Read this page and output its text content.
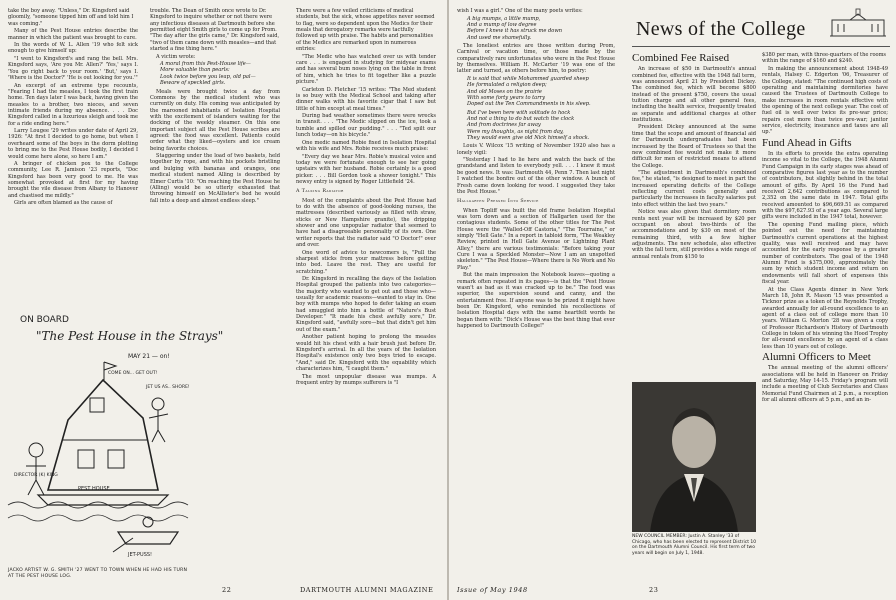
take the boy away. "Unless," Dr. Kingsford said gloomily, "someone tipped him off and told him I was coming."

Many of the Pest House entries describe the manner in which the patient was brought to cure.

In the words of W. L. Allen '19 who felt sick enough to give himself up:

"I went to Kingsford's and rang the bell. Mrs. Kingsford says, 'Are you Mr. Allen?' 'Yes,' says I. 'You go right back to your room.' 'But,' says I. 'Where is the Doctor?' 'He is out looking for you.'"

An excerpt of an extreme type recounts, "Fearing I had the measles, I took the first train home. Ten days later I was back, having given the measles to a brother, two nieces, and seven intimate friends during my absence. . . . Doc Kingsford called in a luxurious sleigh and took me for a ride ending here."

Larry Lougee '29 writes under date of April 29, 1926: "At first I decided to go home, but when I overheard some of the boys in the dorm plotting to bring me to the Pest House bodily, I decided I would come here alone, so here I am."

A bringer of chicken pox to the College community, Lee R. Jamison '23 reports, "Doc Kingsford has been very good to me. He was somewhat provoked at first for my having brought the vile disease from Albany to Hanover and chastised me mildly."

Girls are often blamed as the cause of

trouble. The Dean of Smith once wrote to Dr. Kingsford to inquire whether or not there were any infectious diseases at Dartmouth before she permitted eight Smith girls to come up for Prom. "The day after the girls came," Dr. Kingsford said, "two of them came down with measles—and that started a fine thing here."

A victim wrote:

A moral from this Pest-House life—

More valuable than pearls:

Look twice before you leap, old pal—

Beware of speckled girls.

Meals were brought twice a day from Commons by the medical student who was currently on duty. His coming was anticipated by the marooned inhabitants of Isolation Hospital with the excitement of islanders waiting for the docking of the weekly steamer. On this one important subject all the Pest House scribes are agreed: the food was excellent. Patients could order what they liked—oysters and ice cream being favorite choices.

Staggering under the load of two baskets, held together by rope, and with his pockets bristling and bulging with bananas and oranges, one medical student named Alling is described by Elmer Curtis '10: "On reaching the Pest House he (Alling) would be so utterly exhausted that throwing himself on McAllister's bed he would fall into a deep and almost endless sleep."

There were a few veiled criticisms of medical students, but the sick, whose appetites never seemed to flag, were so dependent upon the Medics for their meals that derogatory remarks were tactfully followed up with praise. The habits and personalities of the Medics are remarked upon in numerous entries:

"The Medic who has watched over us with tender care . . . is engaged in studying for midyear exams and has several bum noses lying on the table in front of him, which he tries to fit together like a puzzle picture."

Carleton D. Fletcher '15 writes: "The Med student is so busy with the Medical School and taking after dinner walks with his favorite cigar that I saw but little of him except at meal times."

During bad weather sometimes there were wrecks in transit. . . . "The Medic slipped on the ice, took a tumble and spilled our pudding." . . . "Ted spilt our lunch today—on his bicycle."

One medic named Robie fixed in Isolation Hospital with his wife and Mrs. Robie receives much praise:

"Every day we hear Mrs. Robie's musical voice and today we were fortunate enough to see her going upstairs with her husband. Robie certainly is a good picker. . . . Bill Gordon took a shower tonight." This newsy entry is signed by Roger Littlefield '24.

A Talking Radiator

Most of the complaints about the Pest House had to do with the absence of good-looking nurses, the mattresses (described variously as filled with straw, sticks or New Hampshire granite), the dripping shower and one unpopular radiator that seemed to have had a disagreeable personality of its own. One writer reports that the radiator said "O Doctor!" over and over.

One word of advice to newcomers is, "Pull the sharpest sticks from your mattress before getting into bed. Leave the rest. They are useful for scratching."

Dr. Kingsford in recalling the days of the Isolation Hospital grouped the patients into two categories—the majority who wanted to get out and those who—usually for academic reasons—wanted to stay in. One boy with mumps who hoped to defer taking an exam had smuggled into him a bottle of "Nature's Bust Developer." "It made his chest awfully sore," Dr. Kingsford said, "awfully sore—but that didn't get him out of the exam."

Another patient hoping to prolong the measles would hit his chest with a hair brush just before Dr. Kingsford's arrival. In all the years of the Isolation Hospital's existence only two boys tried to escape. "And," said Dr. Kingsford with the equability which characterizes him, "I caught them."

The most unpopular disease was mumps. A frequent entry by mumps sufferers is "I

ON BOARD
"The Pest House in the Strays"
MAY 21 — on!
DIRECTOR (K) KING
JET US AS.. SHORE!
COME ON... GET OUT!
JET-PUSS!
PEST HOUSE
JACKO ARTIST W. G. SMITH '27 WENT TO TOWN WHEN HE HAD HIS TURN AT THE PEST HOUSE LOG.
22	DARTMOUTH ALUMNI MAGAZINE

wish I was a girl." One of the many poets writes:

A big mumps, a little mump,

And a mump of low degree

Before I knew it has struck me down

And used me shamefully.

The loneliest entries are those written during Prom, Carnival or vacation time, or those made by the comparatively rare unfortunates who were in the Pest House by themselves. William H. McCarter '19 was one of the latter and turned, as others before him, to poetry:

It is said that while Mohammed guarded sheep

He formulated a religion deep;

And old Moses on the prairie

With some forty years to tarry

Doped out the Ten Commandments in his sleep.

But I've been here with solitude to hock

And not a thing to do but watch the clock

And from doctrines far away

Were my thoughts, as night from day,

They would even give old Nick himself a shock.

Louis V. Wilcox '15 writing of November 1920 also has a lonely vigil:

"Yesterday I had to lie here and watch the back of the grandstand and listen to everybody yell. . . . I knew it must be good news. It was: Dartmouth 44, Penn 7. Then last night I watched the bonfire out of the other window. A bunch of Fresh came down looking for wood. I suggested they take the Pest House."

Hallgarten Pressed Into Service

When Topliff was built the old frame Isolation Hospital was torn down and a section of Hallgarten used for the contagious students. Some of the other titles for The Pest House were the "Walled-Off Castoria," "The Tourraine," or simply "Hell Gate." In a report in tabloid form, "The Weakley Review, printed in Hell Gate Avenue or Lightning Plant Alley," there are various testimonials: "Before taking your Cure I was a Speckled Monster—Now I am an unspotted skeleton." "The Pest House—Where there is No Work and No Play."

But the main impression the Notebook leaves—quoting a remark often repeated in its pages—is that the "Pest House wasn't as bad as it was cracked up to be." The food was superior, the supervision sound and canny, and the entertainment free. If anyone was to be prized it might have been Dr. Kingsford, who reminded his recollections of Isolation Hospital days with the same heartfelt words he began them with: "Dick's House was the best thing that ever happened to Dartmouth College!"

News of the College

Combined Fee Raised

An increase of $50 in Dartmouth's annual combined fee, effective with the 1948 fall term, was announced April 21 by President Dickey. The combined fee, which will become $800 instead of the present $750, covers the usual tuition charge and all other general fees, including the health service, frequently treated as separate and additional charges at other institutions.

President Dickey announced at the same time that the scope and amount of financial aid for Dartmouth undergraduates had been increased by the Board of Trustees so that the new combined fee would not make it more difficult for men of restricted means to attend the College.

"The adjustment in Dartmouth's combined fee," he stated, "is designed to meet in part the increased operating deficits of the College reflecting current costs generally and particularly the increases in faculty salaries put into effect within the last two years."

Notice was also given that dormitory room rents next year will be increased by $20 per occupant on about two-thirds of the accommodations and by $30 on most of the remaining third, with a few higher adjustments. The new schedule, also effective with the fall term, still provides a wide range of annual rentals from $150 to

NEW COUNCIL MEMBER: Justin A. Stanley '33 of Chicago, who has been elected to represent District 10 on the Dartmouth Alumni Council. His first term of two years will begin on July 1, 1948.

$380 per man, with three-quarters of the rooms within the range of $160 and $240.

In making the announcement about 1948-49 rentals, Halsey C. Edgerton '06, Treasurer of the College, stated: "The continued high costs of operating and maintaining dormitories have caused the Trustees of Dartmouth College to make increases in room rentals effective with the opening of the next college year. The cost of fuel oil is well over twice its pre-war price; repairs cost more than twice pre-war; janitor service, electricity, insurance and taxes are all up."

Fund Ahead in Gifts

In its efforts to provide the extra operating income so vital to the College, the 1948 Alumni Fund Campaign in its early stages was ahead of comparative figures last year as to the number of contributors, but slightly behind in the total amount of gifts. By April 16 the Fund had received 2,642 contributions as compared to 2,352 on the same date in 1947. Total gifts received amounted to $96,669.51 as compared with the $97,627.93 of a year ago. Several large gifts were included in the 1947 total, however.

The opening Fund mailing piece, which pointed out the need for maintaining Dartmouth's current operations at the highest quality, was well received and may have accounted for the early response by a greater number of contributors. The goal of the 1948 Alumni Fund is $375,000, approximately the sum by which student income and return on endowments will fall short of expenses this fiscal year.

At the Class Agents dinner in New York March 18, John R. Mason '15 was presented a Ticknor prize as a token of the Reynolds Trophy, awarded annually for all-round excellence to an agent of a class out of college more than 10 years. William G. Morton '28 was given a copy of Professor Richardson's History of Dartmouth College in token of his winning the Hood Trophy for all-round excellence by an agent of a class less than 10 years out of college.

Alumni Officers to Meet

The annual meeting of the alumni officers' associations will be held in Hanover on Friday and Saturday, May 14-15. Friday's program will include a meeting of Club Secretaries and Class Memorial Fund Chairmen at 2 p.m., a reception for all alumni officers at 5 p.m., and an in-

Issue of May 1948	23
